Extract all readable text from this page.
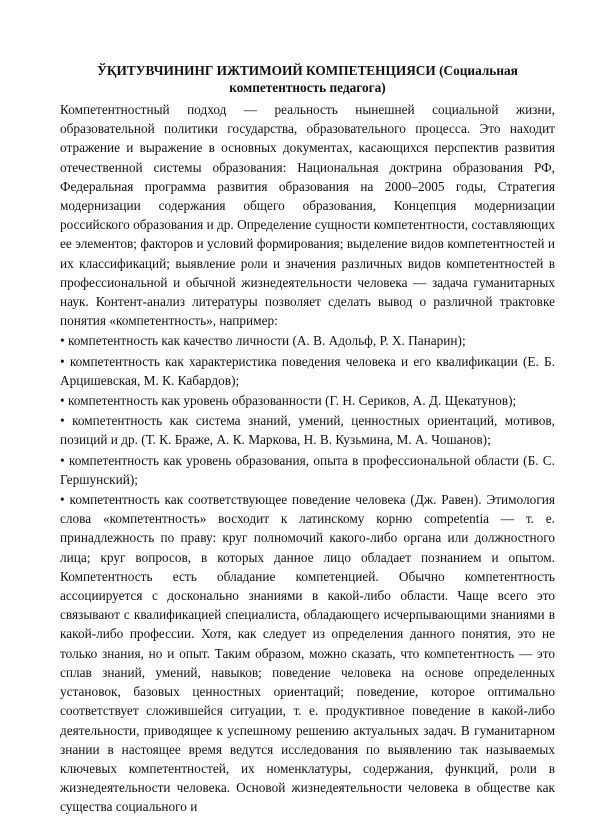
ЎҚИТУВЧИНИНГ ИЖТИМОИЙ КОМПЕТЕНЦИЯСИ (Социальная
компетентность педагога)

Компетентностный подход — реальность нынешней социальной жизни, образовательной политики государства, образовательного процесса. Это находит отражение и выражение в основных документах, касающихся перспектив развития отечественной системы образования: Национальная доктрина образования РФ, Федеральная программа развития образования на 2000–2005 годы, Стратегия модернизации содержания общего образования, Концепция модернизации российского образования и др. Определение сущности компетентности, составляющих ее элементов; факторов и условий формирования; выделение видов компетентностей и их классификаций; выявление роли и значения различных видов компетентностей в профессиональной и обычной жизнедеятельности человека — задача гуманитарных наук. Контент-анализ литературы позволяет сделать вывод о различной трактовке понятия «компетентность», например:

• компетентность как качество личности (А. В. Адольф, Р. Х. Панарин);

• компетентность как характеристика поведения человека и его квалификации (Е. Б. Арцишевская, М. К. Кабардов);

• компетентность как уровень образованности (Г. Н. Сериков, А. Д. Щекатунов);

• компетентность как система знаний, умений, ценностных ориентаций, мотивов, позиций и др. (Т. К. Браже, А. К. Маркова, Н. В. Кузьмина, М. А. Чошанов);

• компетентность как уровень образования, опыта в профессиональной области (Б. С. Гершунский);

• компетентность как соответствующее поведение человека (Дж. Равен). Этимология слова «компетентность» восходит к латинскому корню competentia — т. е. принадлежность по праву: круг полномочий какого-либо органа или должностного лица; круг вопросов, в которых данное лицо обладает познанием и опытом. Компетентность есть обладание компетенцией. Обычно компетентность ассоциируется с досконально знаниями в какой-либо области. Чаще всего это связывают с квалификацией специалиста, обладающего исчерпывающими знаниями в какой-либо профессии. Хотя, как следует из определения данного понятия, это не только знания, но и опыт. Таким образом, можно сказать, что компетентность — это сплав знаний, умений, навыков; поведение человека на основе определенных установок, базовых ценностных ориентаций; поведение, которое оптимально соответствует сложившейся ситуации, т. е. продуктивное поведение в какой-либо деятельности, приводящее к успешному решению актуальных задач. В гуманитарном знании в настоящее время ведутся исследования по выявлению так называемых ключевых компетентностей, их номенклатуры, содержания, функций, роли в жизнедеятельности человека. Основой жизнедеятельности человека в обществе как существа социального и
